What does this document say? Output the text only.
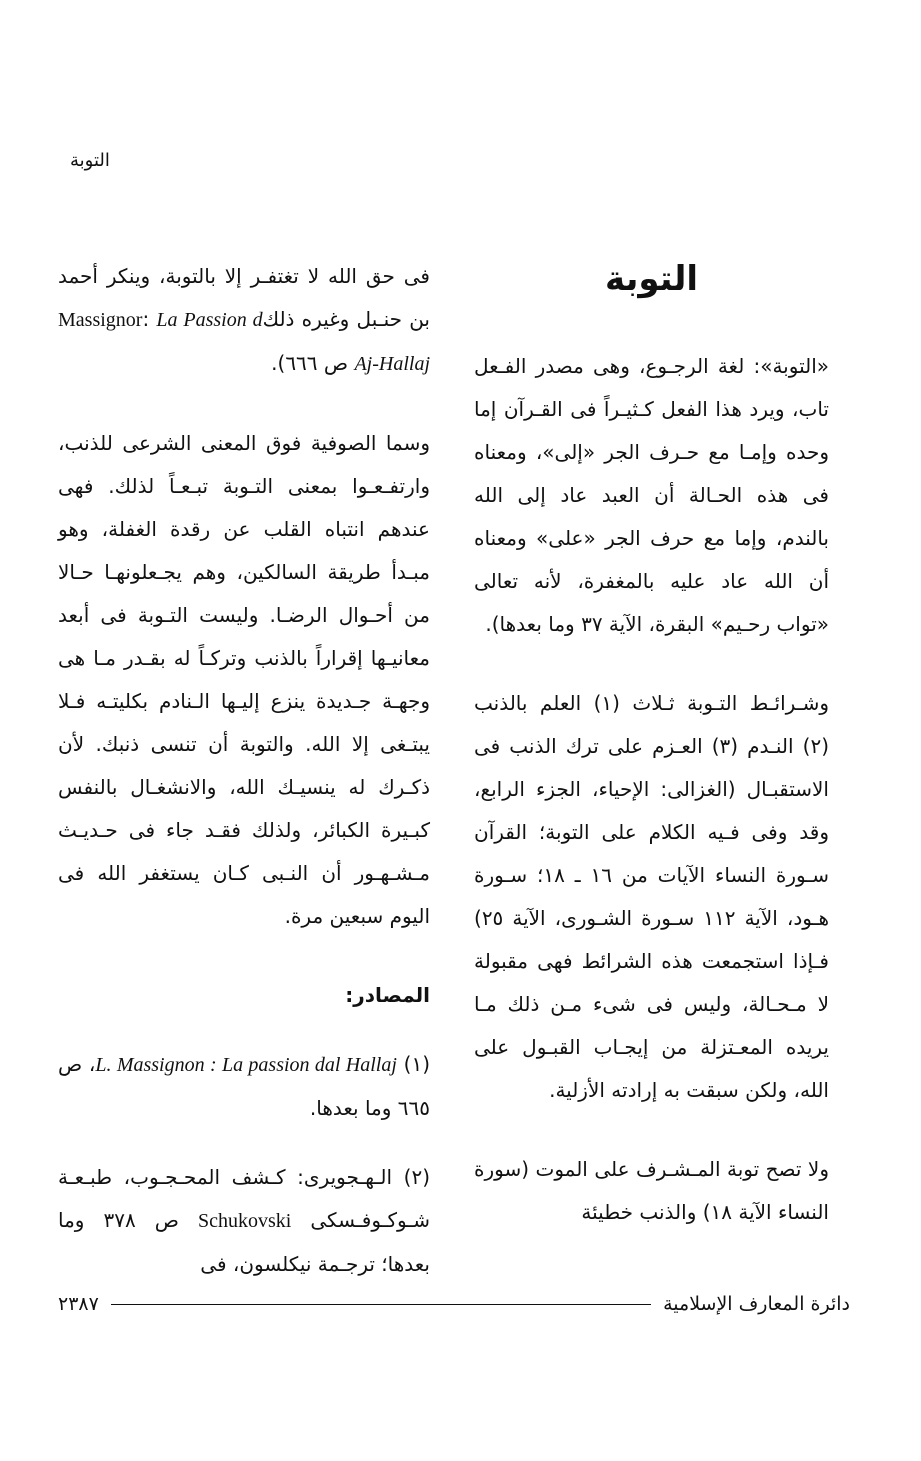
التوبة
التوبة
«التوبة»: لغة الرجـوع، وهى مصدر الفـعل تاب، ويرد هذا الفعل كـثيـراً فى القـرآن إما وحده وإمـا مع حـرف الجر «إلى»، ومعناه فى هذه الحـالة أن العبد عاد إلى الله بالندم، وإما مع حرف الجر «على» ومعناه أن الله عاد عليه بالمغفرة، لأنه تعالى «تواب رحـيم» البقرة، الآية ٣٧ وما بعدها).
وشـرائـط التـوبة ثـلاث (١) العلم بالذنب (٢) النـدم (٣) العـزم على ترك الذنب فى الاستقبـال (الغزالى: الإحياء، الجزء الرابع، وقد وفى فـيه الكلام على التوبة؛ القرآن سـورة النساء الآيات من ١٦ ـ ١٨؛ سـورة هـود، الآية ١١٢ سـورة الشـورى، الآية ٢٥) فـإذا استجمعت هذه الشرائط فهى مقبولة لا مـحـالة، وليس فى شىء مـن ذلك مـا يريده المعـتزلة من إيجـاب القبـول على الله، ولكن سبقت به إرادته الأزلية.
ولا تصح توبة المـشـرف على الموت (سورة النساء الآية ١٨) والذنب خطيئة
فى حق الله لا تغتفـر إلا بالتوبة، وينكر أحمد بن حنـبل وغيره ذلكMassignor: La Passion d Aj-Hallaj ص ٦٦٦).
وسما الصوفية فوق المعنى الشرعى للذنب، وارتفـعـوا بمعنى التـوبة تبـعـاً لذلك. فهى عندهم انتباه القلب عن رقدة الغفلة، وهو مبـدأ طريقة السالكين، وهم يجـعلونهـا حـالا من أحـوال الرضـا. وليست التـوبة فى أبعد معانيـها إقراراً بالذنب وتركـاً له بقـدر مـا هى وجهـة جـديدة ينزع إليـها الـنادم بكليتـه فـلا يبتـغى إلا الله. والتوبة أن تنسى ذنبك. لأن ذكـرك له ينسيـك الله، والانشغـال بالنفس كبـيرة الكبائر، ولذلك فقـد جاء فى حـديـث مـشـهـور أن النـبى كـان يستغفر الله فى اليوم سبعين مرة.
المصادر:
(١) L. Massignon : La passion dal Hallaj، ص ٦٦٥ وما بعدها.
(٢) الـهـجويرى: كـشف المحـجـوب، طبـعـة شـوكـوفـسكى Schukovski ص ٣٧٨ وما بعدها؛ ترجـمة نيكلسون، فى
دائرة المعارف الإسلامية
٢٣٨٧
